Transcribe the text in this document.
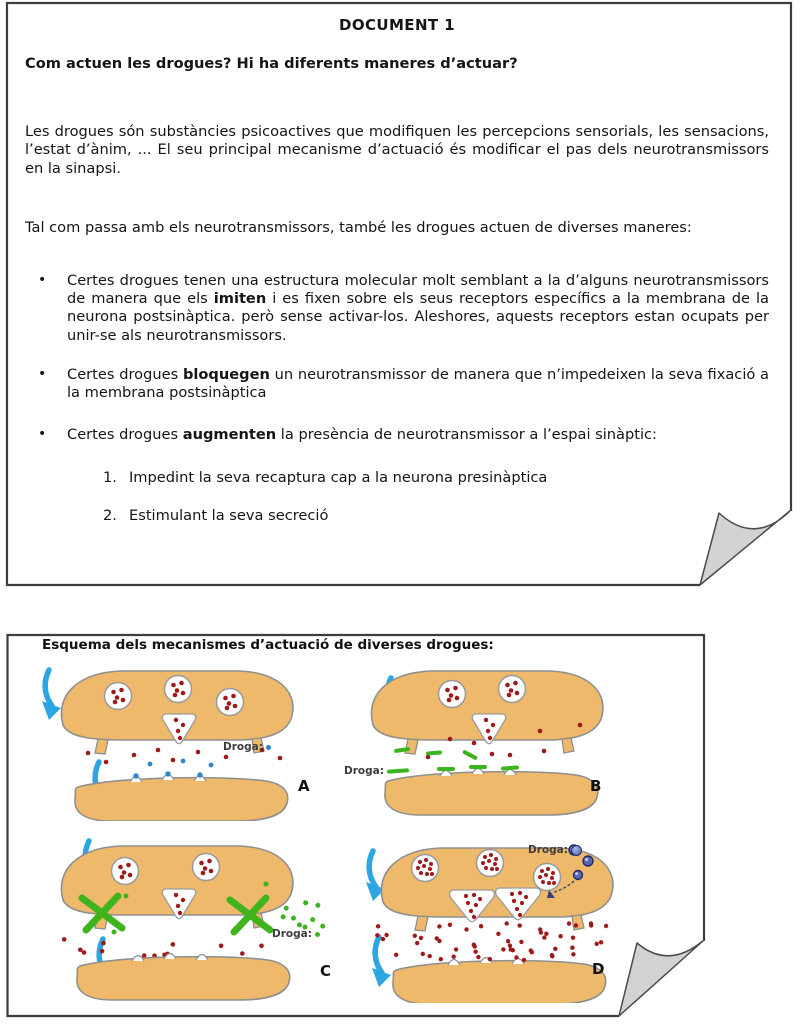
DOCUMENT 1
Com actuen les drogues? Hi ha diferents maneres d’actuar?

Les drogues són substàncies psicoactives que modifiquen les percepcions sensorials, les sensacions, l’estat d’ànim, ... El seu principal mecanisme d’actuació és modificar el pas dels neurotransmissors en la sinapsi.

Tal com passa amb els neurotransmissors, també les drogues actuen de diverses maneres:

•	Certes drogues tenen una estructura molecular molt semblant a la d’alguns neurotransmissors de manera que els imiten i es fixen sobre els seus receptors específics a la membrana de la neurona postsinàptica. però sense activar-los. Aleshores, aquests receptors estan ocupats per unir-se als neurotransmissors.
•	Certes drogues bloquegen un neurotransmissor de manera que n’impedeixen la seva fixació a la membrana postsinàptica
•	Certes drogues augmenten la presència de neurotransmissor a l’espai sinàptic:
1. Impedint la seva recaptura cap a la neurona presinàptica
2. Estimulant la seva secreció
Esquema dels mecanismes d’actuació de diverses drogues:
Droga:
A
Droga:
B
Droga:
C
Droga:
D
